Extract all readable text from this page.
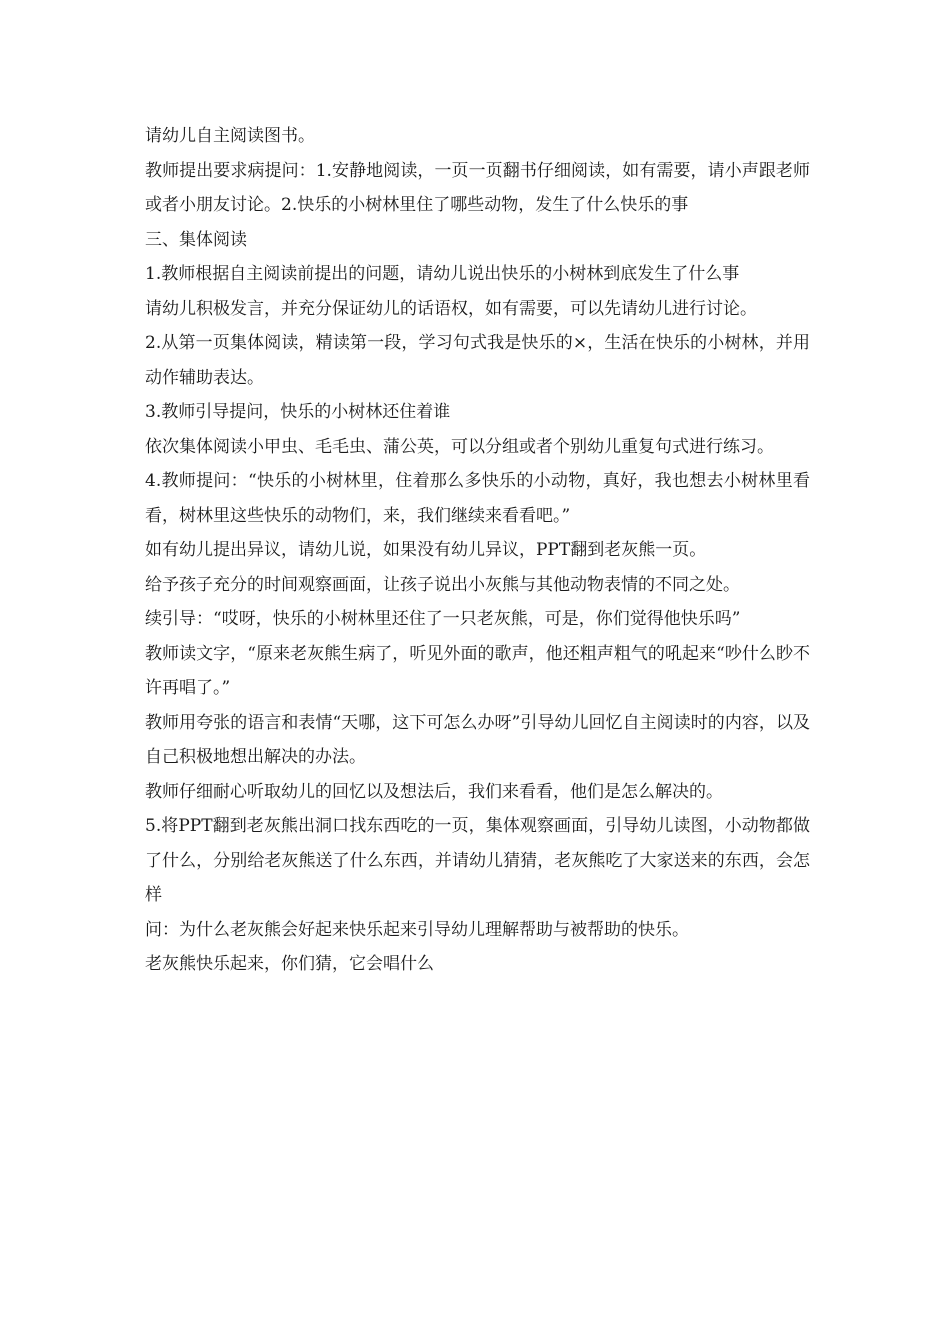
请幼儿自主阅读图书。

教师提出要求病提问：1.安静地阅读，一页一页翻书仔细阅读，如有需要，请小声跟老师或者小朋友讨论。2.快乐的小树林里住了哪些动物，发生了什么快乐的事

三、集体阅读

1.教师根据自主阅读前提出的问题，请幼儿说出快乐的小树林到底发生了什么事

请幼儿积极发言，并充分保证幼儿的话语权，如有需要，可以先请幼儿进行讨论。

2.从第一页集体阅读，精读第一段，学习句式我是快乐的×，生活在快乐的小树林，并用动作辅助表达。

3.教师引导提问，快乐的小树林还住着谁

依次集体阅读小甲虫、毛毛虫、蒲公英，可以分组或者个别幼儿重复句式进行练习。

4.教师提问：“快乐的小树林里，住着那么多快乐的小动物，真好，我也想去小树林里看看，树林里这些快乐的动物们，来，我们继续来看看吧。”

如有幼儿提出异议，请幼儿说，如果没有幼儿异议，PPT翻到老灰熊一页。

给予孩子充分的时间观察画面，让孩子说出小灰熊与其他动物表情的不同之处。

续引导：“哎呀，快乐的小树林里还住了一只老灰熊，可是，你们觉得他快乐吗”

教师读文字，“原来老灰熊生病了，听见外面的歌声，他还粗声粗气的吼起来“吵什么眇不许再唱了。”

教师用夸张的语言和表情“天哪，这下可怎么办呀”引导幼儿回忆自主阅读时的内容，以及自己积极地想出解决的办法。

教师仔细耐心听取幼儿的回忆以及想法后，我们来看看，他们是怎么解决的。

5.将PPT翻到老灰熊出洞口找东西吃的一页，集体观察画面，引导幼儿读图，小动物都做了什么，分别给老灰熊送了什么东西，并请幼儿猜猜，老灰熊吃了大家送来的东西，会怎样

问：为什么老灰熊会好起来快乐起来引导幼儿理解帮助与被帮助的快乐。

老灰熊快乐起来，你们猜，它会唱什么
